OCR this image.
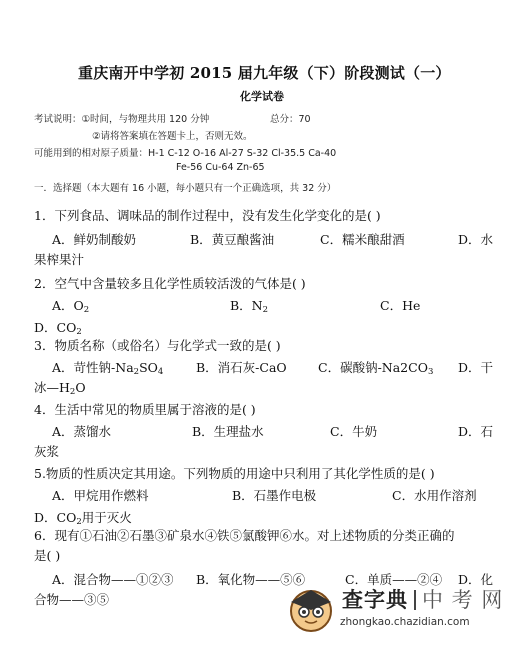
重庆南开中学初 2015 届九年级（下）阶段测试（一）
化学试卷
考试说明：①时间，与物理共用 120 分钟	总分：70
②请将答案填在答题卡上，否则无效。
可能用到的相对原子质量：H-1 C-12 O-16 Al-27 S-32 Cl-35.5 Ca-40
Fe-56 Cu-64 Zn-65
一．选择题（本大题有 16 小题，每小题只有一个正确选项，共 32 分）
1．下列食品、调味品的制作过程中，没有发生化学变化的是( )
A．鲜奶制酸奶	B．黄豆酿酱油	C．糯米酿甜酒	D．水
果榨果汁
2．空气中含量较多且化学性质较活泼的气体是( )
A．$O_2$	B．$N_2$	C．He
D．$CO_2$
3．物质名称（或俗名）与化学式一致的是( )
A．苛性钠$-Na_2SO_4$	B．消石灰-CaO	C．碳酸钠$-Na2CO_3$ D．干
冰$—H_2O$
4．生活中常见的物质里属于溶液的是( )
A．蒸馏水	B．生理盐水	C．牛奶	D．石
灰浆
5.物质的性质决定其用途。下列物质的用途中只利用了其化学性质的是( )
A．甲烷用作燃料	B．石墨作电极	C．水用作溶剂
D．$CO_2$用于灭火
6．现有①石油②石墨③矿泉水④铁⑤氯酸钾⑥水。对上述物质的分类正确的
是( )
A．混合物——①②③ B．氧化物——⑤⑥	C．单质——②④ D．化
合物——③⑤	查字典 中 考 网
zhongkao.chazidian.com
